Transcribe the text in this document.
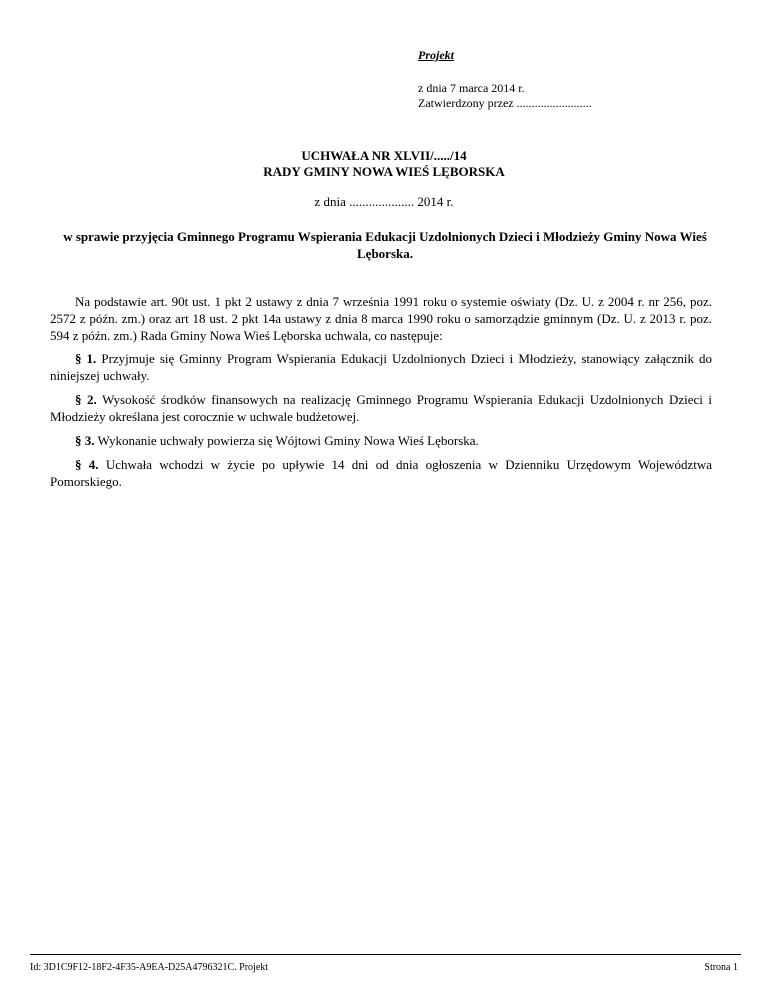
Projekt
z dnia 7 marca 2014 r.
Zatwierdzony przez .........................
UCHWAŁA NR XLVII/...../14
RADY GMINY NOWA WIEŚ LĘBORSKA
z dnia .................... 2014 r.
w sprawie przyjęcia Gminnego Programu Wspierania Edukacji Uzdolnionych Dzieci i Młodzieży Gminy Nowa Wieś Lęborska.

Na podstawie art. 90t ust. 1 pkt 2 ustawy z dnia 7 września 1991 roku o systemie oświaty (Dz. U. z 2004 r. nr 256, poz. 2572 z późn. zm.) oraz art 18 ust. 2 pkt 14a ustawy z dnia 8 marca 1990 roku o samorządzie gminnym (Dz. U. z 2013 r. poz. 594 z późn. zm.) Rada Gminy Nowa Wieś Lęborska uchwala, co następuje:

§ 1. Przyjmuje się Gminny Program Wspierania Edukacji Uzdolnionych Dzieci i Młodzieży, stanowiący załącznik do niniejszej uchwały.

§ 2. Wysokość środków finansowych na realizację Gminnego Programu Wspierania Edukacji Uzdolnionych Dzieci i Młodzieży określana jest corocznie w uchwale budżetowej.

§ 3. Wykonanie uchwały powierza się Wójtowi Gminy Nowa Wieś Lęborska.

§ 4. Uchwała wchodzi w życie po upływie 14 dni od dnia ogłoszenia w Dzienniku Urzędowym Województwa Pomorskiego.

Id: 3D1C9F12-18F2-4F35-A9EA-D25A4796321C. Projekt	Strona 1
